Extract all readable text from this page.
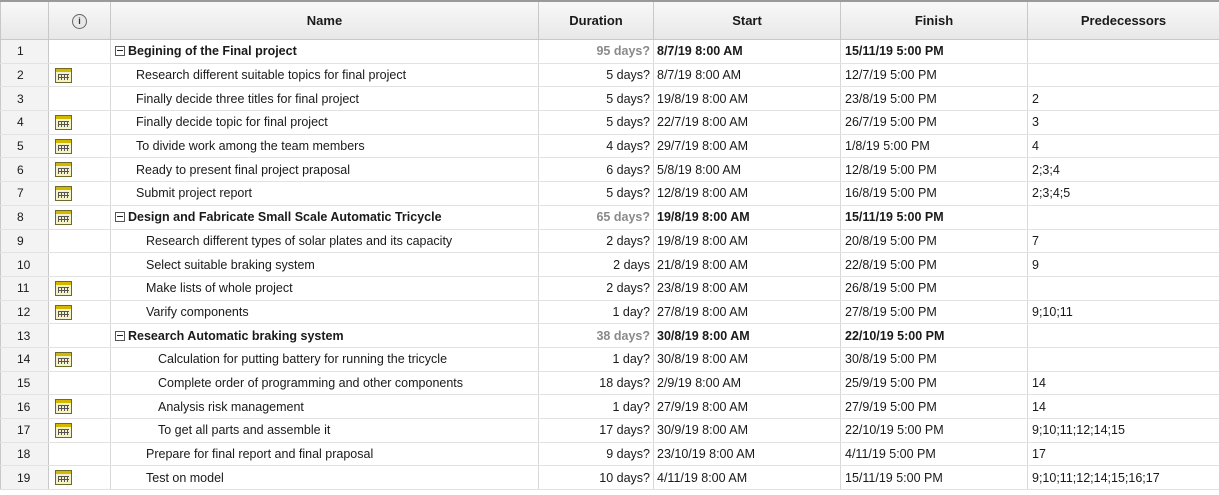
	i	Name	Duration	Start	Finish	Predecessors
1		Begining of the Final project	95 days?	8/7/19 8:00 AM	15/11/19 5:00 PM	
2		Research different suitable topics for final project	5 days?	8/7/19 8:00 AM	12/7/19 5:00 PM	
3		Finally decide three titles for final project	5 days?	19/8/19 8:00 AM	23/8/19 5:00 PM	2
4		Finally decide topic for final project	5 days?	22/7/19 8:00 AM	26/7/19 5:00 PM	3
5		To divide work among the team members	4 days?	29/7/19 8:00 AM	1/8/19 5:00 PM	4
6		Ready to present final project praposal	6 days?	5/8/19 8:00 AM	12/8/19 5:00 PM	2;3;4
7		Submit project report	5 days?	12/8/19 8:00 AM	16/8/19 5:00 PM	2;3;4;5
8		Design and Fabricate Small Scale Automatic Tricycle	65 days?	19/8/19 8:00 AM	15/11/19 5:00 PM	
9		Research different types of solar plates and its capacity	2 days?	19/8/19 8:00 AM	20/8/19 5:00 PM	7
10		Select suitable braking system	2 days	21/8/19 8:00 AM	22/8/19 5:00 PM	9
11		Make lists of whole project	2 days?	23/8/19 8:00 AM	26/8/19 5:00 PM	
12		Varify components	1 day?	27/8/19 8:00 AM	27/8/19 5:00 PM	9;10;11
13		Research Automatic braking system	38 days?	30/8/19 8:00 AM	22/10/19 5:00 PM	
14		Calculation for putting battery for running the tricycle	1 day?	30/8/19 8:00 AM	30/8/19 5:00 PM	
15		Complete order of programming and other components	18 days?	2/9/19 8:00 AM	25/9/19 5:00 PM	14
16		Analysis risk management	1 day?	27/9/19 8:00 AM	27/9/19 5:00 PM	14
17		To get all parts and assemble it	17 days?	30/9/19 8:00 AM	22/10/19 5:00 PM	9;10;11;12;14;15
18		Prepare for final report and final praposal	9 days?	23/10/19 8:00 AM	4/11/19 5:00 PM	17
19		Test on model	10 days?	4/11/19 8:00 AM	15/11/19 5:00 PM	9;10;11;12;14;15;16;17
